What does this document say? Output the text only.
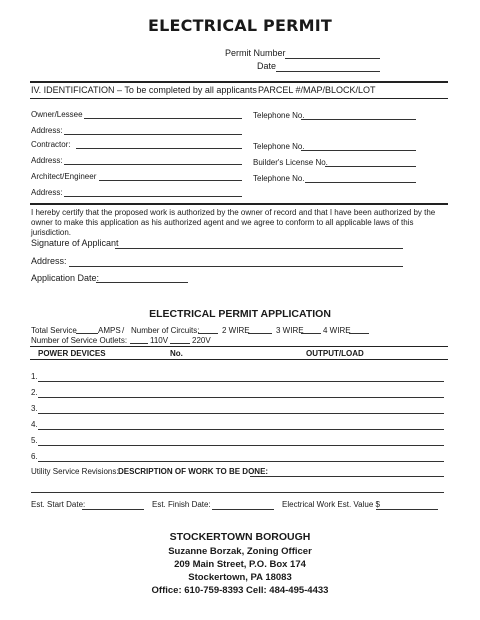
ELECTRICAL PERMIT
Permit Number
Date
IV. IDENTIFICATION – To be completed by all applicants PARCEL #/MAP/BLOCK/LOT
Owner/Lessee	Telephone No.
Address:
Contractor:	Telephone No.
Address:	Builder's License No.
Architect/Engineer	Telephone No.
Address:
I hereby certify that the proposed work is authorized by the owner of record and that I have been authorized by the
owner to make this application as his authorized agent and we agree to conform to all applicable laws of this
jurisdiction.
Signature of Applicant
Address:
Application Date:
ELECTRICAL PERMIT APPLICATION
Total Service	AMPS / Number of Circuits:	2 WIRE	3 WIRE 4 WIRE
Number of Service Outlets:	110V	220V
POWER DEVICES	No.	OUTPUT/LOAD
1.
2.
3.
4.
5.
6.
Utility Service Revisions: DESCRIPTION OF WORK TO BE DONE:
Est. Start Date:	Est. Finish Date:	Electrical Work Est. Value $
STOCKERTOWN BOROUGH
Suzanne Borzak, Zoning Officer
209 Main Street, P.O. Box 174
Stockertown, PA 18083
Office: 610-759-8393 Cell: 484-495-4433
